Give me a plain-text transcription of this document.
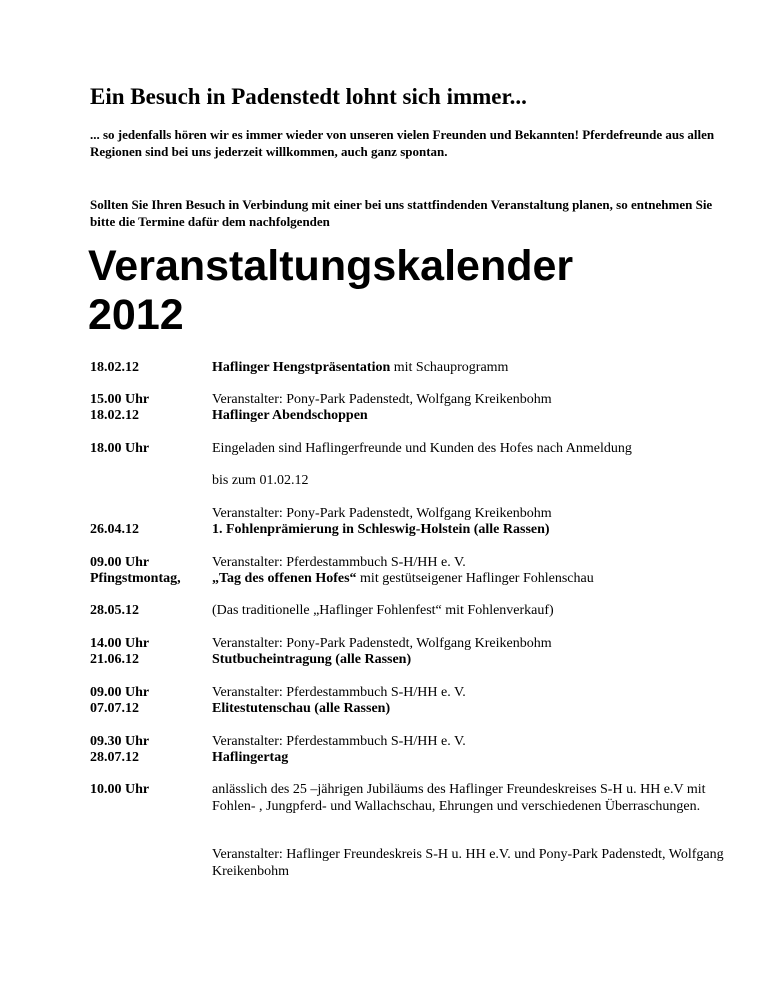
Ein Besuch in Padenstedt lohnt sich immer...

... so jedenfalls hören wir es immer wieder von unseren vielen Freunden und Bekannten! Pferdefreunde aus allen Regionen sind bei uns jederzeit willkommen, auch ganz spontan.

Sollten Sie Ihren Besuch in Verbindung mit einer bei uns stattfindenden Veranstaltung planen, so entnehmen Sie bitte die Termine dafür dem nachfolgenden

Veranstaltungskalender
2012
18.02.12
15.00 Uhr
18.02.12
18.00 Uhr
26.04.12
09.00 Uhr
Pfingstmontag,
28.05.12
14.00 Uhr
21.06.12
09.00 Uhr
07.07.12
09.30 Uhr
28.07.12
10.00 Uhr
Haflinger Hengstpräsentation mit Schauprogramm
Veranstalter: Pony-Park Padenstedt, Wolfgang Kreikenbohm
Haflinger Abendschoppen
Eingeladen sind Haflingerfreunde und Kunden des Hofes nach Anmeldung
bis zum 01.02.12
Veranstalter: Pony-Park Padenstedt, Wolfgang Kreikenbohm
1. Fohlenprämierung in Schleswig-Holstein (alle Rassen)
Veranstalter: Pferdestammbuch S-H/HH e. V.
„Tag des offenen Hofes“ mit gestütseigener Haflinger Fohlenschau
(Das traditionelle „Haflinger Fohlenfest“ mit Fohlenverkauf)
Veranstalter: Pony-Park Padenstedt, Wolfgang Kreikenbohm
Stutbucheintragung (alle Rassen)
Veranstalter: Pferdestammbuch S-H/HH e. V.
Elitestutenschau (alle Rassen)
Veranstalter: Pferdestammbuch S-H/HH e. V.
Haflingertag
anlässlich des 25 –jährigen Jubiläums des Haflinger Freundeskreises S-H u. HH e.V mit Fohlen- , Jungpferd- und Wallachschau, Ehrungen und verschiedenen Überraschungen.
Veranstalter: Haflinger Freundeskreis S-H u. HH e.V. und Pony-Park Padenstedt, Wolfgang Kreikenbohm
